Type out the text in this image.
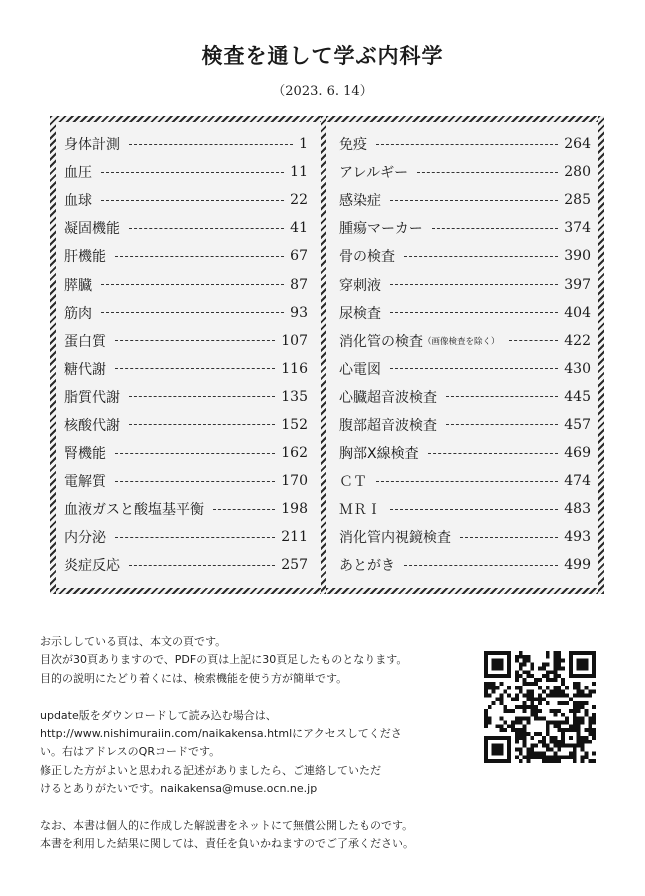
検査を通して学ぶ内科学
（2023. 6. 14）
身体計測	1
血圧	11
血球	22
凝固機能	41
肝機能	67
膵臓	87
筋肉	93
蛋白質	107
糖代謝	116
脂質代謝	135
核酸代謝	152
腎機能	162
電解質	170
血液ガスと酸塩基平衡	198
内分泌	211
炎症反応	257
免疫	264
アレルギー	280
感染症	285
腫瘍マーカー	374
骨の検査	390
穿刺液	397
尿検査	404
消化管の検査 （画像検査を除く）	422
心電図	430
心臓超音波検査	445
腹部超音波検査	457
胸部X線検査	469
ＣＴ	474
ＭＲＩ	483
消化管内視鏡検査	493
あとがき	499

お示ししている頁は、本文の頁です。

目次が30頁ありますので、PDFの頁は上記に30頁足したものとなります。

目的の説明にたどり着くには、検索機能を使う方が簡単です。

update版をダウンロードして読み込む場合は、

http://www.nishimuraiin.com/naikakensa.htmlにアクセスしてくださ

い。右はアドレスのQRコードです。

修正した方がよいと思われる記述がありましたら、ご連絡していただ

けるとありがたいです。naikakensa@muse.ocn.ne.jp

なお、本書は個人的に作成した解説書をネットにて無償公開したものです。

本書を利用した結果に関しては、責任を負いかねますのでご了承ください。
